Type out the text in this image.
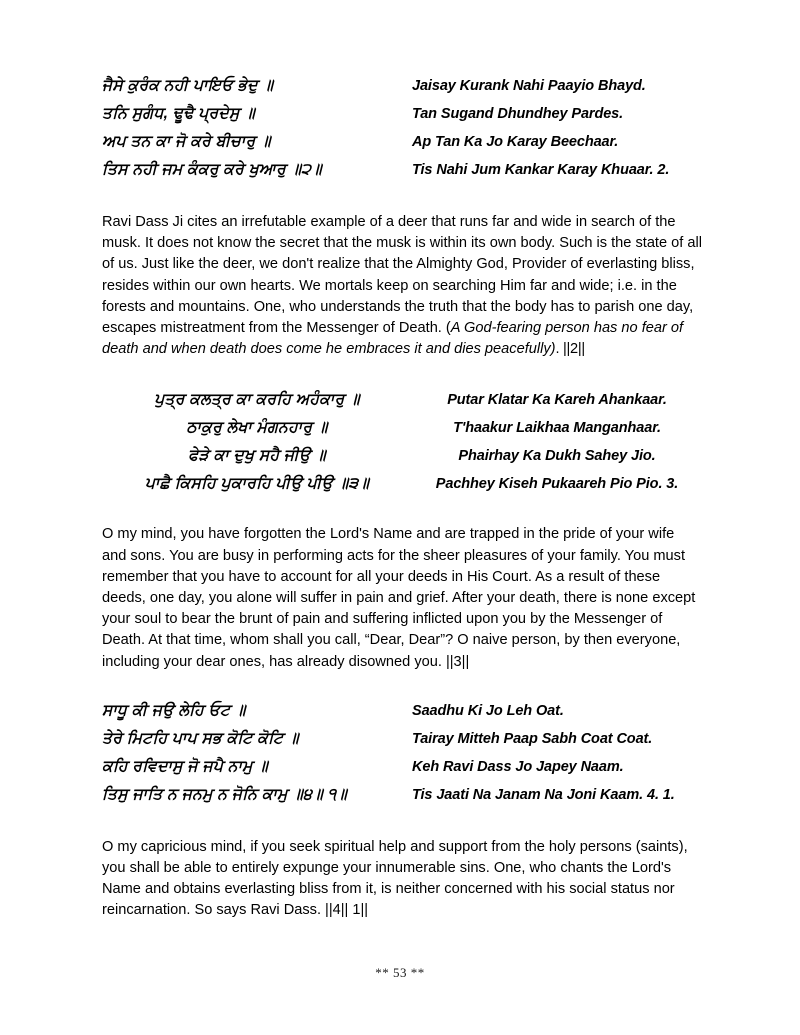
ਜੈਸੇ ਕੁਰੰਕ ਨਹੀ ਪਾਇਓ ਭੇਦੁ ॥
ਤਨਿ ਸੁਗੰਧ, ਢੂਢੈ ਪ੍ਰਦੇਸੁ ॥
ਅਪ ਤਨ ਕਾ ਜੋ ਕਰੇ ਬੀਚਾਰੁ ॥
ਤਿਸ ਨਹੀ ਜਮ ਕੰਕਰੁ ਕਰੇ ਖੁਆਰੁ ॥੨॥
Jaisay Kurank Nahi Paayio Bhayd.
Tan Sugand Dhundhey Pardes.
Ap Tan Ka Jo Karay Beechaar.
Tis Nahi Jum Kankar Karay Khuaar. 2.

Ravi Dass Ji cites an irrefutable example of a deer that runs far and wide in search of the musk. It does not know the secret that the musk is within its own body. Such is the state of all of us. Just like the deer, we don't realize that the Almighty God, Provider of everlasting bliss, resides within our own hearts. We mortals keep on searching Him far and wide; i.e. in the forests and mountains. One, who understands the truth that the body has to parish one day, escapes mistreatment from the Messenger of Death. (A God-fearing person has no fear of death and when death does come he embraces it and dies peacefully). ||2||

ਪੁਤ੍ਰ ਕਲਤ੍ਰ ਕਾ ਕਰਹਿ ਅਹੰਕਾਰੁ ॥
ਠਾਕੁਰੁ ਲੇਖਾ ਮੰਗਨਹਾਰੁ ॥
ਫੇੜੇ ਕਾ ਦੁਖੁ ਸਹੈ ਜੀਉ ॥
ਪਾਛੈ ਕਿਸਹਿ ਪੁਕਾਰਹਿ ਪੀਉ ਪੀਉ ॥੩॥
Putar Klatar Ka Kareh Ahankaar.
T'haakur Laikhaa Manganhaar.
Phairhay Ka Dukh Sahey Jio.
Pachhey Kiseh Pukaareh Pio Pio. 3.

O my mind, you have forgotten the Lord's Name and are trapped in the pride of your wife and sons. You are busy in performing acts for the sheer pleasures of your family. You must remember that you have to account for all your deeds in His Court. As a result of these deeds, one day, you alone will suffer in pain and grief. After your death, there is none except your soul to bear the brunt of pain and suffering inflicted upon you by the Messenger of Death. At that time, whom shall you call, “Dear, Dear”? O naive person, by then everyone, including your dear ones, has already disowned you. ||3||

ਸਾਧੂ ਕੀ ਜਉ ਲੇਹਿ ਓਟ ॥
ਤੇਰੇ ਮਿਟਹਿ ਪਾਪ ਸਭ ਕੋਟਿ ਕੋਟਿ ॥
ਕਹਿ ਰਵਿਦਾਸੁ ਜੋ ਜਪੈ ਨਾਮੁ ॥
ਤਿਸੁ ਜਾਤਿ ਨ ਜਨਮੁ ਨ ਜੋਨਿ ਕਾਮੁ ॥੪॥ ੧॥
Saadhu Ki Jo Leh Oat.
Tairay Mitteh Paap Sabh Coat Coat.
Keh Ravi Dass Jo Japey Naam.
Tis Jaati Na Janam Na Joni Kaam. 4. 1.

O my capricious mind, if you seek spiritual help and support from the holy persons (saints), you shall be able to entirely expunge your innumerable sins. One, who chants the Lord's Name and obtains everlasting bliss from it, is neither concerned with his social status nor reincarnation. So says Ravi Dass. ||4|| 1||

** 53 **
